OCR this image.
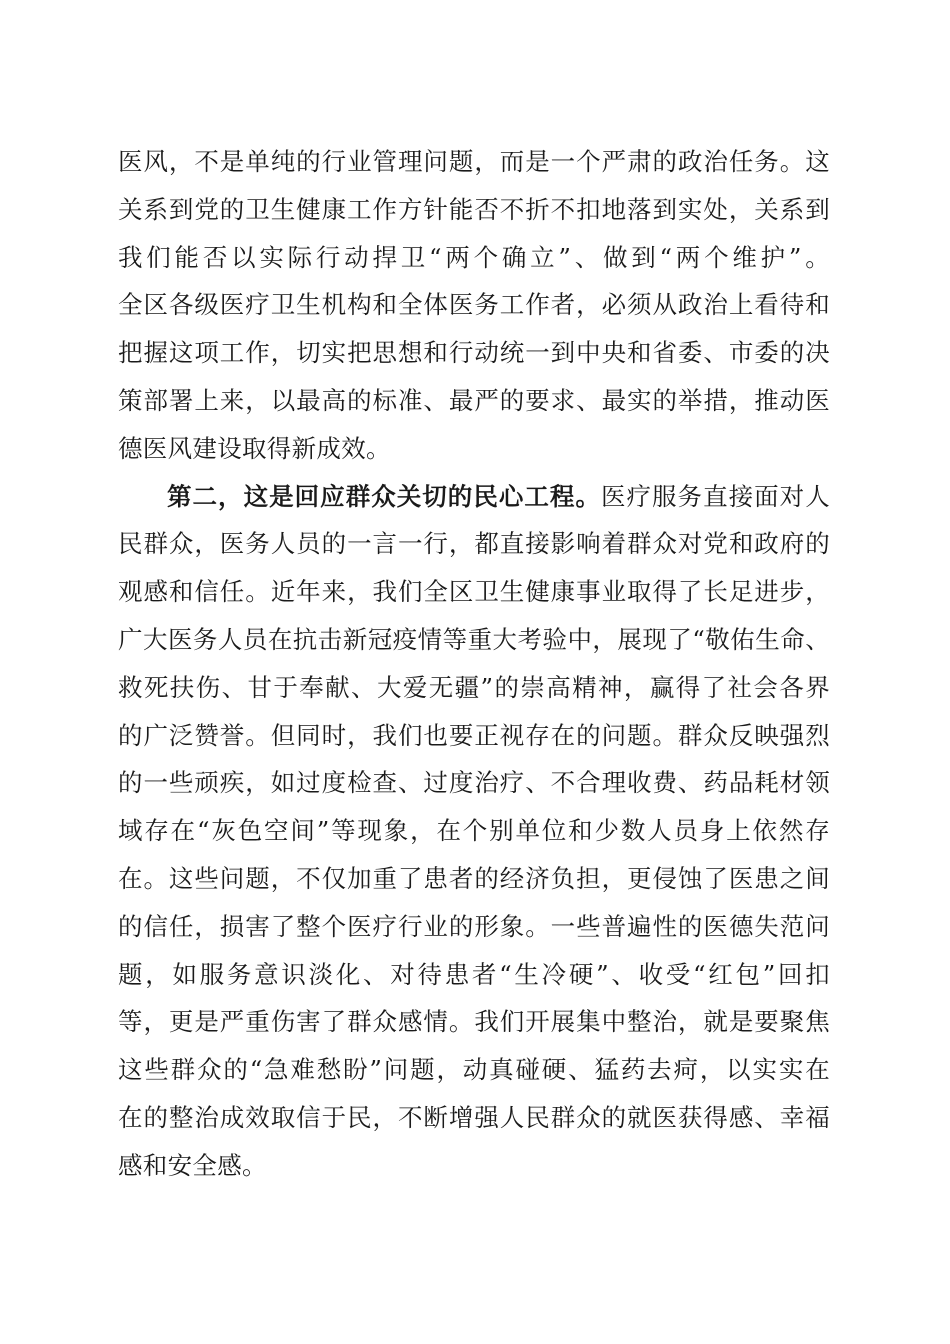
医风，不是单纯的行业管理问题，而是一个严肃的政治任务。这
关系到党的卫生健康工作方针能否不折不扣地落到实处，关系到
我们能否以实际行动捍卫“两个确立”、做到“两个维护”。
全区各级医疗卫生机构和全体医务工作者，必须从政治上看待和
把握这项工作，切实把思想和行动统一到中央和省委、市委的决
策部署上来，以最高的标准、最严的要求、最实的举措，推动医
德医风建设取得新成效。
第二，这是回应群众关切的民心工程。医疗服务直接面对人
民群众，医务人员的一言一行，都直接影响着群众对党和政府的
观感和信任。近年来，我们全区卫生健康事业取得了长足进步，
广大医务人员在抗击新冠疫情等重大考验中，展现了“敬佑生命、
救死扶伤、甘于奉献、大爱无疆”的崇高精神，赢得了社会各界
的广泛赞誉。但同时，我们也要正视存在的问题。群众反映强烈
的一些顽疾，如过度检查、过度治疗、不合理收费、药品耗材领
域存在“灰色空间”等现象，在个别单位和少数人员身上依然存
在。这些问题，不仅加重了患者的经济负担，更侵蚀了医患之间
的信任，损害了整个医疗行业的形象。一些普遍性的医德失范问
题，如服务意识淡化、对待患者“生冷硬”、收受“红包”回扣
等，更是严重伤害了群众感情。我们开展集中整治，就是要聚焦
这些群众的“急难愁盼”问题，动真碰硬、猛药去疴，以实实在
在的整治成效取信于民，不断增强人民群众的就医获得感、幸福
感和安全感。
